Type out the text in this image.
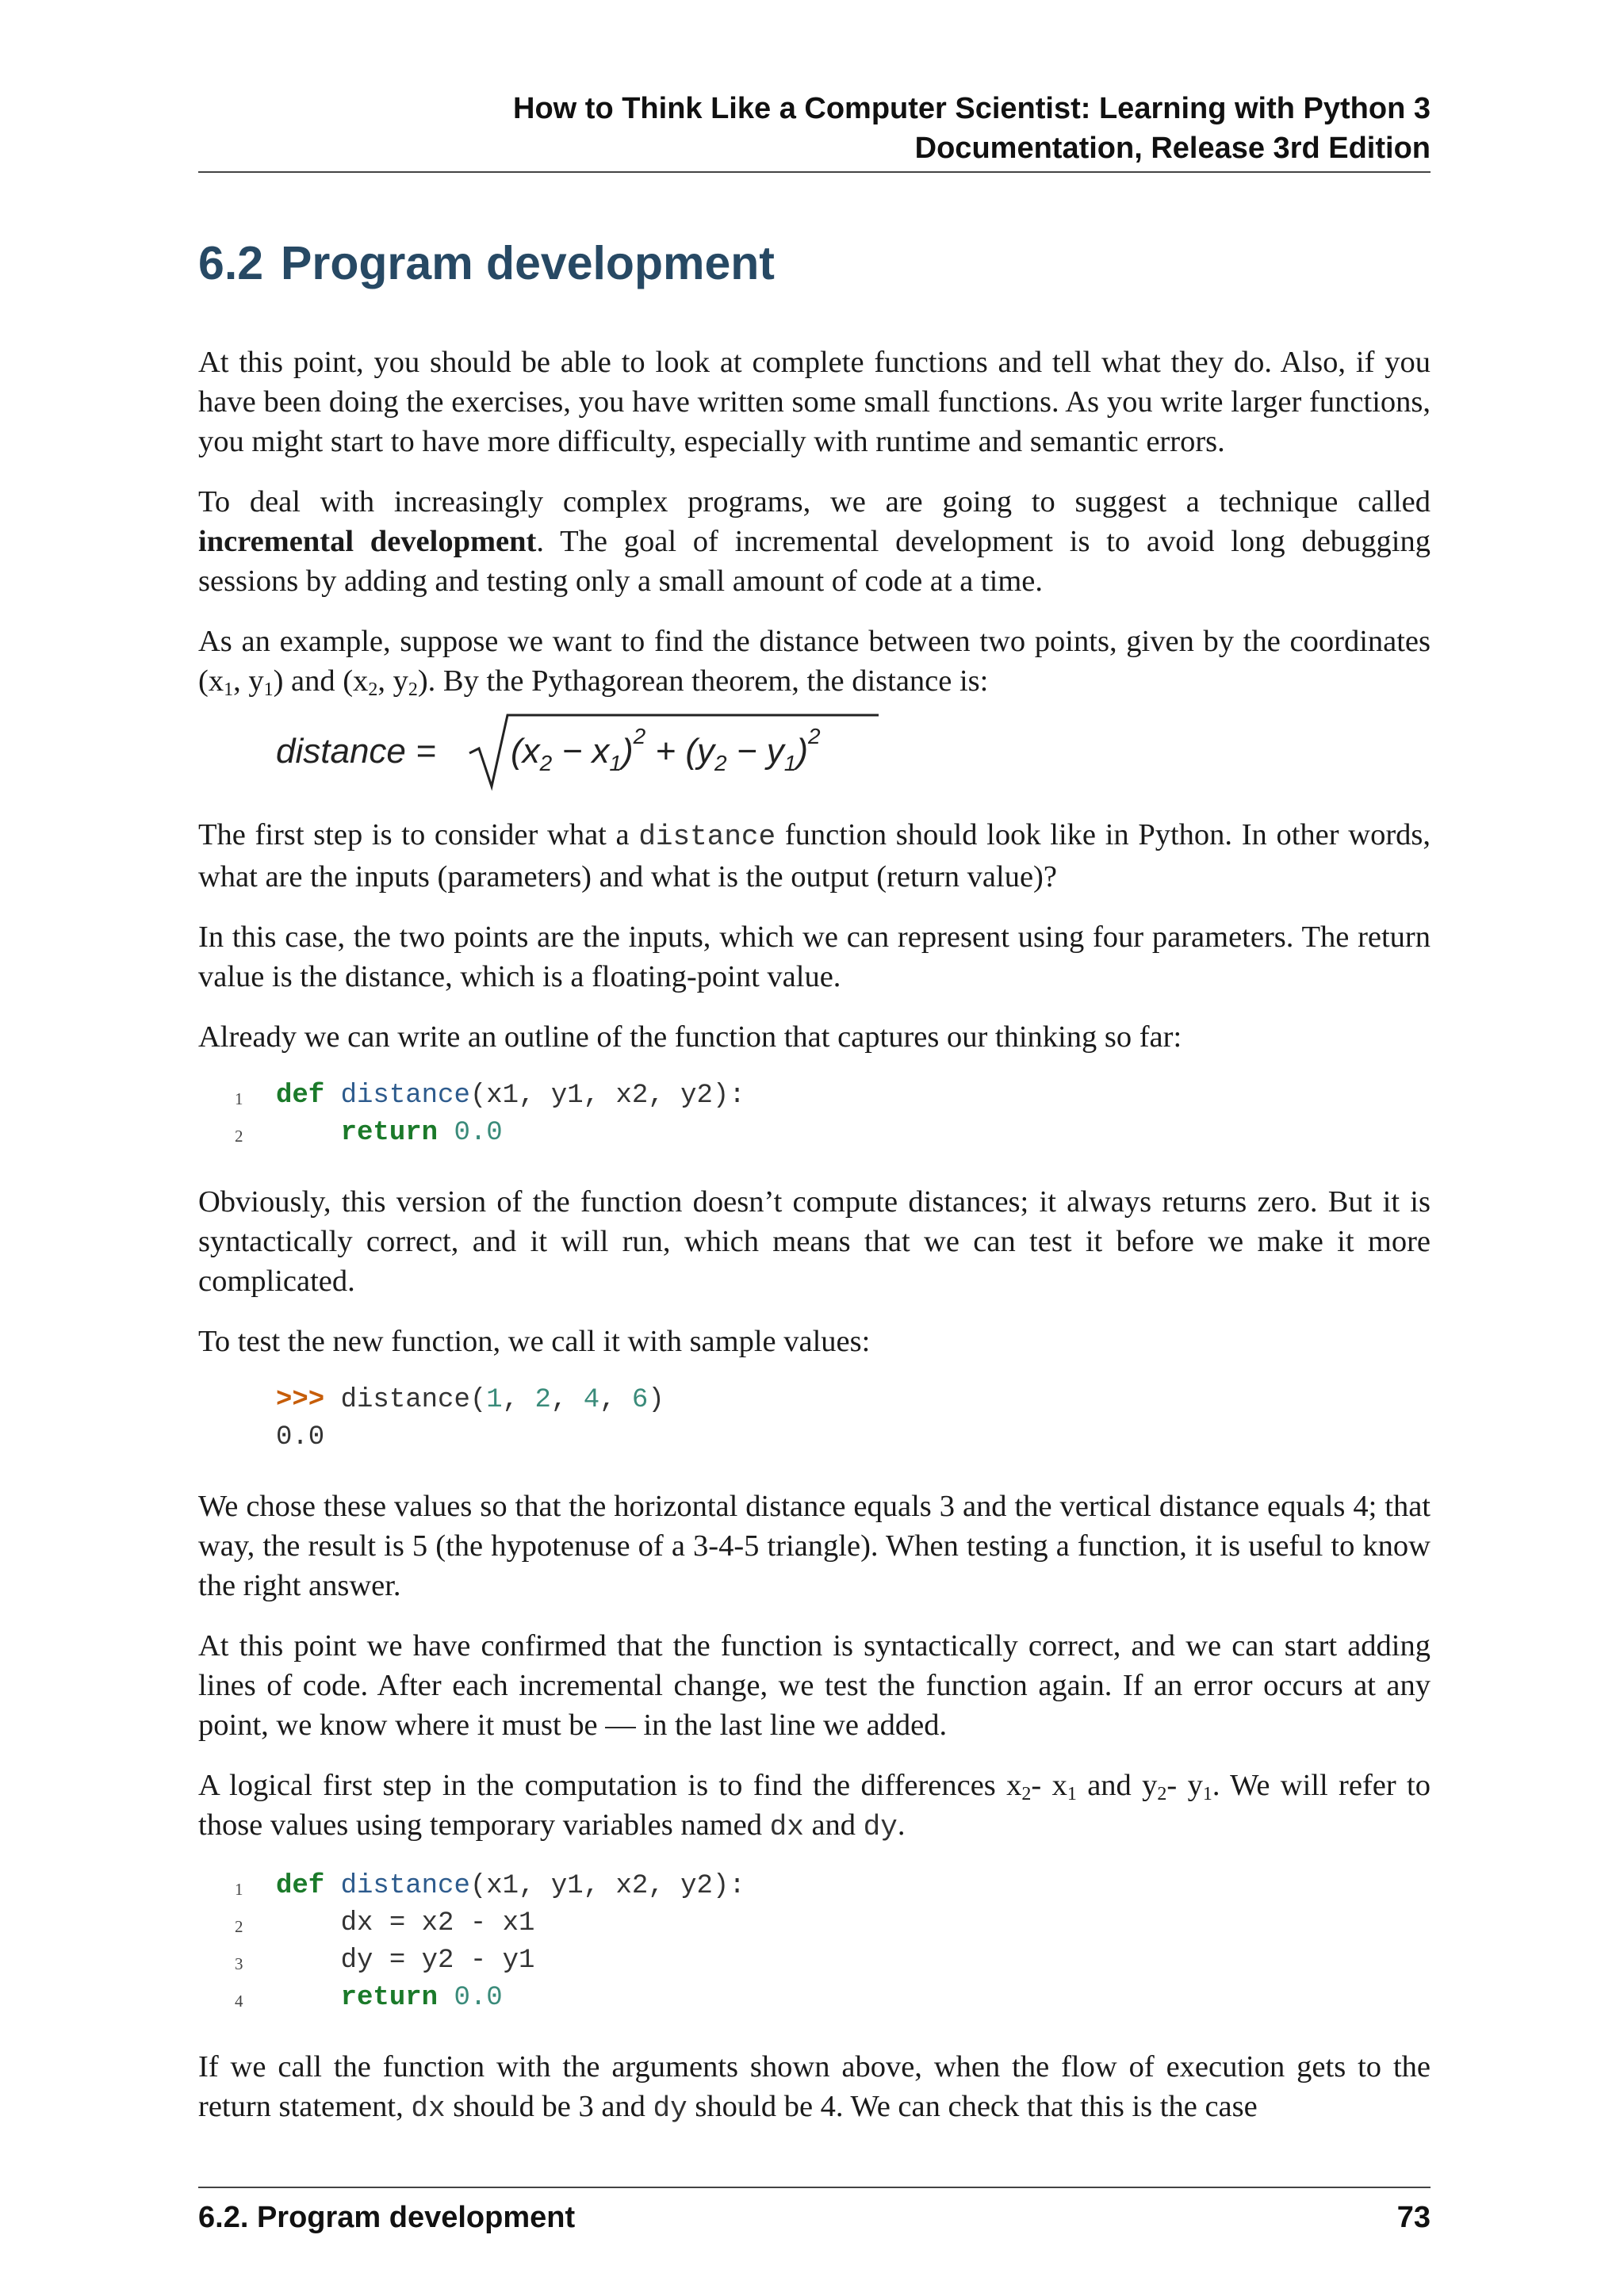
How to Think Like a Computer Scientist: Learning with Python 3
Documentation, Release 3rd Edition
6.2 Program development

At this point, you should be able to look at complete functions and tell what they do. Also, if you have been doing the exercises, you have written some small functions. As you write larger functions, you might start to have more difficulty, especially with runtime and semantic errors.

To deal with increasingly complex programs, we are going to suggest a technique called incremental development. The goal of incremental development is to avoid long debugging sessions by adding and testing only a small amount of code at a time.

As an example, suppose we want to find the distance between two points, given by the coordinates ($x_1$, $y_1$) and ($x_2$, $y_2$). By the Pythagorean theorem, the distance is:

distance = $(x_2 - x_1)^2 + (y_2 - y_1)^2$

The first step is to consider what a distance function should look like in Python. In other words, what are the inputs (parameters) and what is the output (return value)?

In this case, the two points are the inputs, which we can represent using four parameters. The return value is the distance, which is a floating-point value.

Already we can write an outline of the function that captures our thinking so far:

1 def distance(x1, y1, x2, y2):
2	return 0.0

Obviously, this version of the function doesn’t compute distances; it always returns zero. But it is syntactically correct, and it will run, which means that we can test it before we make it more complicated.

To test the new function, we call it with sample values:

>>> distance(1, 2, 4, 6)
0.0

We chose these values so that the horizontal distance equals 3 and the vertical distance equals 4; that way, the result is 5 (the hypotenuse of a 3-4-5 triangle). When testing a function, it is useful to know the right answer.

At this point we have confirmed that the function is syntactically correct, and we can start adding lines of code. After each incremental change, we test the function again. If an error occurs at any point, we know where it must be — in the last line we added.

A logical first step in the computation is to find the differences $x_2-$ $x_1$ and $y_2-$ $y_1$. We will refer to those values using temporary variables named dx and dy.

1 def distance(x1, y1, x2, y2):
2 dx = x2 - x1
3 dy = y2 - y1
4	return 0.0

If we call the function with the arguments shown above, when the flow of execution gets to the return statement, dx should be 3 and dy should be 4. We can check that this is the case

6.2. Program development	73
